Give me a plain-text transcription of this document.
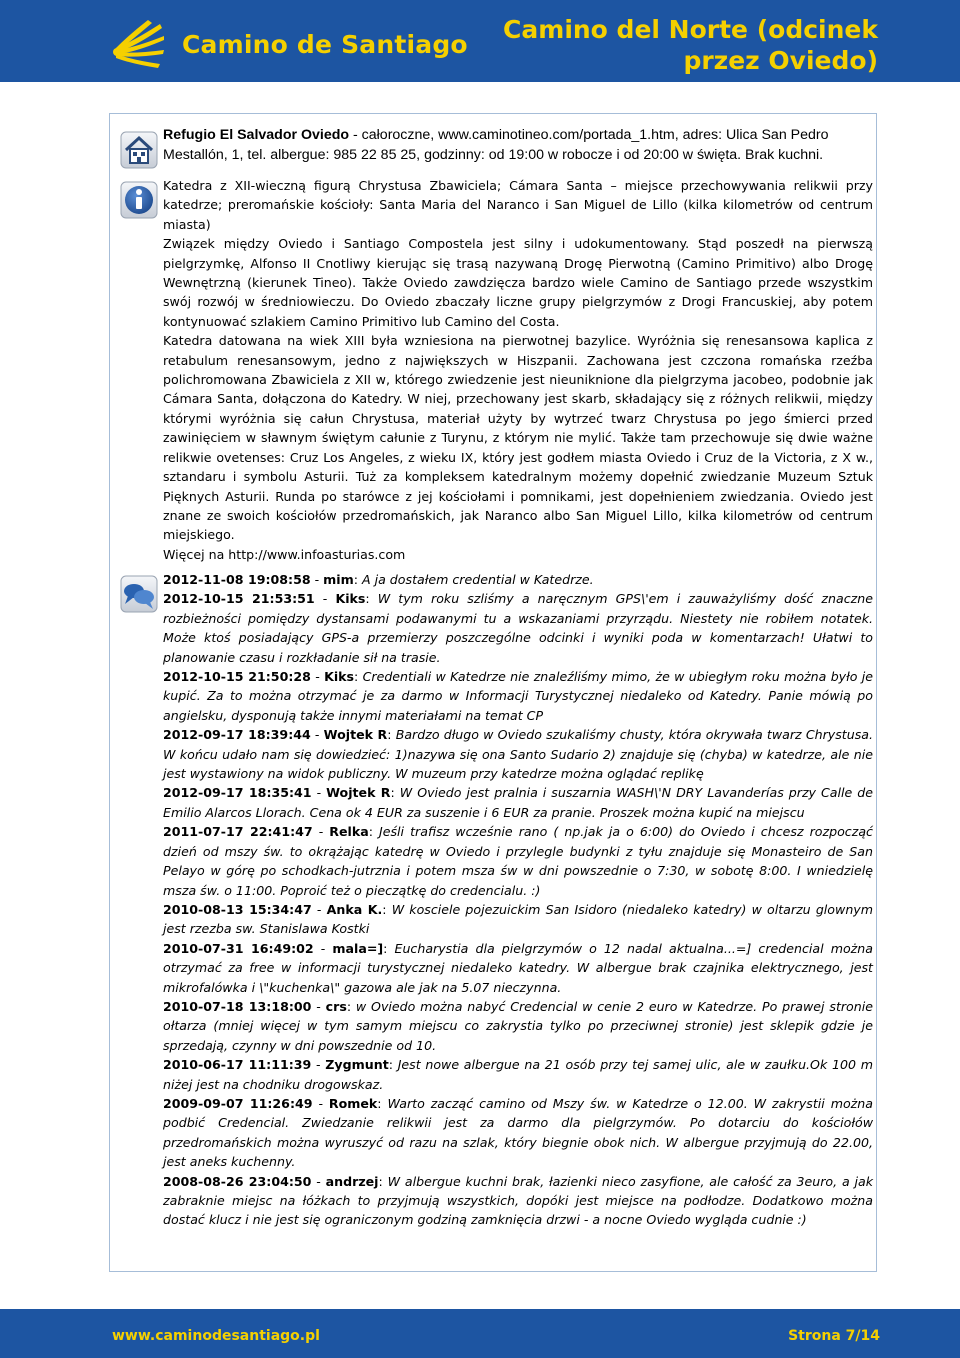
Camino de Santiago
Camino del Norte (odcinek przez Oviedo)
Refugio El Salvador Oviedo - całoroczne, www.caminotineo.com/portada_1.htm, adres: Ulica San Pedro Mestallón, 1, tel. albergue: 985 22 85 25, godzinny: od 19:00 w robocze i od 20:00 w święta. Brak kuchni.

Katedra z XII-wieczną figurą Chrystusa Zbawiciela; Cámara Santa – miejsce przechowywania relikwii przy katedrze; preromańskie kościoły: Santa Maria del Naranco i San Miguel de Lillo (kilka kilometrów od centrum miasta)

Związek między Oviedo i Santiago Compostela jest silny i udokumentowany. Stąd poszedł na pierwszą pielgrzymkę, Alfonso II Cnotliwy kierując się trasą nazywaną Drogę Pierwotną (Camino Primitivo) albo Drogę Wewnętrzną (kierunek Tineo). Także Oviedo zawdzięcza bardzo wiele Camino de Santiago przede wszystkim swój rozwój w średniowieczu. Do Oviedo zbaczały liczne grupy pielgrzymów z Drogi Francuskiej, aby potem kontynuować szlakiem Camino Primitivo lub Camino del Costa.

Katedra datowana na wiek XIII była wzniesiona na pierwotnej bazylice. Wyróżnia się renesansowa kaplica z retabulum renesansowym, jedno z największych w Hiszpanii. Zachowana jest czczona romańska rzeźba polichromowana Zbawiciela z XII w, którego zwiedzenie jest nieuniknione dla pielgrzyma jacobeo, podobnie jak Cámara Santa, dołączona do Katedry. W niej, przechowany jest skarb, składający się z różnych relikwii, między którymi wyróżnia się całun Chrystusa, materiał użyty by wytrzeć twarz Chrystusa po jego śmierci przed zawinięciem w sławnym świętym całunie z Turynu, z którym nie mylić. Także tam przechowuje się dwie ważne relikwie ovetenses: Cruz Los Angeles, z wieku IX, który jest godłem miasta Oviedo i Cruz de la Victoria, z X w., sztandaru i symbolu Asturii. Tuż za kompleksem katedralnym możemy dopełnić zwiedzanie Muzeum Sztuk Pięknych Asturii. Runda po starówce z jej kościołami i pomnikami, jest dopełnieniem zwiedzania. Oviedo jest znane ze swoich kościołów przedromańskich, jak Naranco albo San Miguel Lillo, kilka kilometrów od centrum miejskiego.

Więcej na http://www.infoasturias.com

2012-11-08 19:08:58 - mim: A ja dostałem credential w Katedrze.

2012-10-15 21:53:51 - Kiks: W tym roku szliśmy a naręcznym GPS\'em i zauważyliśmy dość znaczne rozbieżności pomiędzy dystansami podawanymi tu a wskazaniami przyrządu. Niestety nie robiłem notatek. Może ktoś posiadający GPS-a przemierzy poszczególne odcinki i wyniki poda w komentarzach! Ułatwi to planowanie czasu i rozkładanie sił na trasie.

2012-10-15 21:50:28 - Kiks: Credentiali w Katedrze nie znaleźliśmy mimo, że w ubiegłym roku można było je kupić. Za to można otrzymać je za darmo w Informacji Turystycznej niedaleko od Katedry. Panie mówią po angielsku, dysponują także innymi materiałami na temat CP

2012-09-17 18:39:44 - Wojtek R: Bardzo długo w Oviedo szukaliśmy chusty, która okrywała twarz Chrystusa. W końcu udało nam się dowiedzieć: 1)nazywa się ona Santo Sudario 2) znajduje się (chyba) w katedrze, ale nie jest wystawiony na widok publiczny. W muzeum przy katedrze można oglądać replikę

2012-09-17 18:35:41 - Wojtek R: W Oviedo jest pralnia i suszarnia WASH\'N DRY Lavanderías przy Calle de Emilio Alarcos Llorach. Cena ok 4 EUR za suszenie i 6 EUR za pranie. Proszek można kupić na miejscu

2011-07-17 22:41:47 - Relka: Jeśli trafisz wcześnie rano ( np.jak ja o 6:00) do Oviedo i chcesz rozpocząć dzień od mszy św. to okrążając katedrę w Oviedo i przylegle budynki z tyłu znajduje się Monasteiro de San Pelayo w górę po schodkach-jutrznia i potem msza św w dni powszednie o 7:30, w sobotę 8:00. I wniedzielę msza św. o 11:00. Poproić też o pieczątkę do credencialu. :)

2010-08-13 15:34:47 - Anka K.: W kosciele pojezuickim San Isidoro (niedaleko katedry) w oltarzu glownym jest rzezba sw. Stanislawa Kostki

2010-07-31 16:49:02 - mala=]: Eucharystia dla pielgrzymów o 12 nadal aktualna...=] credencial można otrzymać za free w informacji turystycznej niedaleko katedry. W albergue brak czajnika elektrycznego, jest mikrofalówka i \"kuchenka\" gazowa ale jak na 5.07 nieczynna.

2010-07-18 13:18:00 - crs: w Oviedo można nabyć Credencial w cenie 2 euro w Katedrze. Po prawej stronie ołtarza (mniej więcej w tym samym miejscu co zakrystia tylko po przeciwnej stronie) jest sklepik gdzie je sprzedają, czynny w dni powszednie od 10.

2010-06-17 11:11:39 - Zygmunt: Jest nowe albergue na 21 osób przy tej samej ulic, ale w zaułku.Ok 100 m niżej jest na chodniku drogowskaz.

2009-09-07 11:26:49 - Romek: Warto zacząć camino od Mszy św. w Katedrze o 12.00. W zakrystii można podbić Credencial. Zwiedzanie relikwii jest za darmo dla pielgrzymów. Po dotarciu do kościołów przedromańskich można wyruszyć od razu na szlak, który biegnie obok nich. W albergue przyjmują do 22.00, jest aneks kuchenny.

2008-08-26 23:04:50 - andrzej: W albergue kuchni brak, łazienki nieco zasyfione, ale całość za 3euro, a jak zabraknie miejsc na łóżkach to przyjmują wszystkich, dopóki jest miejsce na podłodze. Dodatkowo można dostać klucz i nie jest się ograniczonym godziną zamknięcia drzwi - a nocne Oviedo wygląda cudnie :)

www.caminodesantiago.pl	Strona 7/14
